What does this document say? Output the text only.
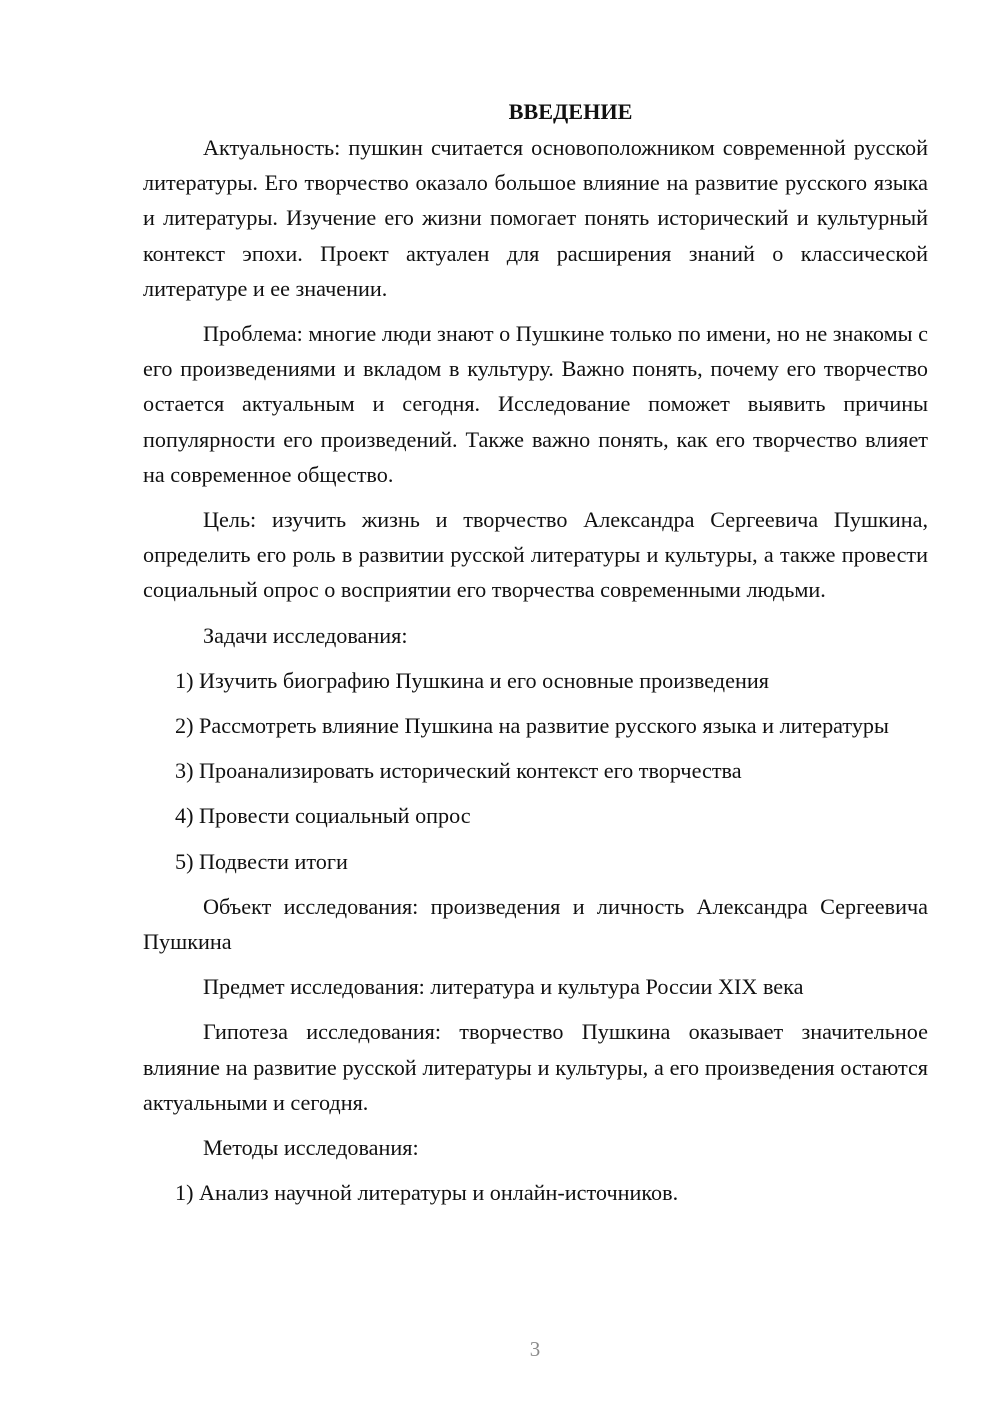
ВВЕДЕНИЕ

Актуальность: пушкин считается основоположником современной русской литературы. Его творчество оказало большое влияние на развитие русского языка и литературы. Изучение его жизни помогает понять исторический и культурный контекст эпохи. Проект актуален для расширения знаний о классической литературе и ее значении.

Проблема: многие люди знают о Пушкине только по имени, но не знакомы с его произведениями и вкладом в культуру. Важно понять, почему его творчество остается актуальным и сегодня. Исследование поможет выявить причины популярности его произведений. Также важно понять, как его творчество влияет на современное общество.

Цель: изучить жизнь и творчество Александра Сергеевича Пушкина, определить его роль в развитии русской литературы и культуры, а также провести социальный опрос о восприятии его творчества современными людьми.

Задачи исследования:

1) Изучить биографию Пушкина и его основные произведения

2) Рассмотреть влияние Пушкина на развитие русского языка и литературы

3) Проанализировать исторический контекст его творчества

4) Провести социальный опрос

5) Подвести итоги

Объект исследования: произведения и личность Александра Сергеевича Пушкина

Предмет исследования: литература и культура России XIX века

Гипотеза исследования: творчество Пушкина оказывает значительное влияние на развитие русской литературы и культуры, а его произведения остаются актуальными и сегодня.

Методы исследования:

1) Анализ научной литературы и онлайн-источников.

3
